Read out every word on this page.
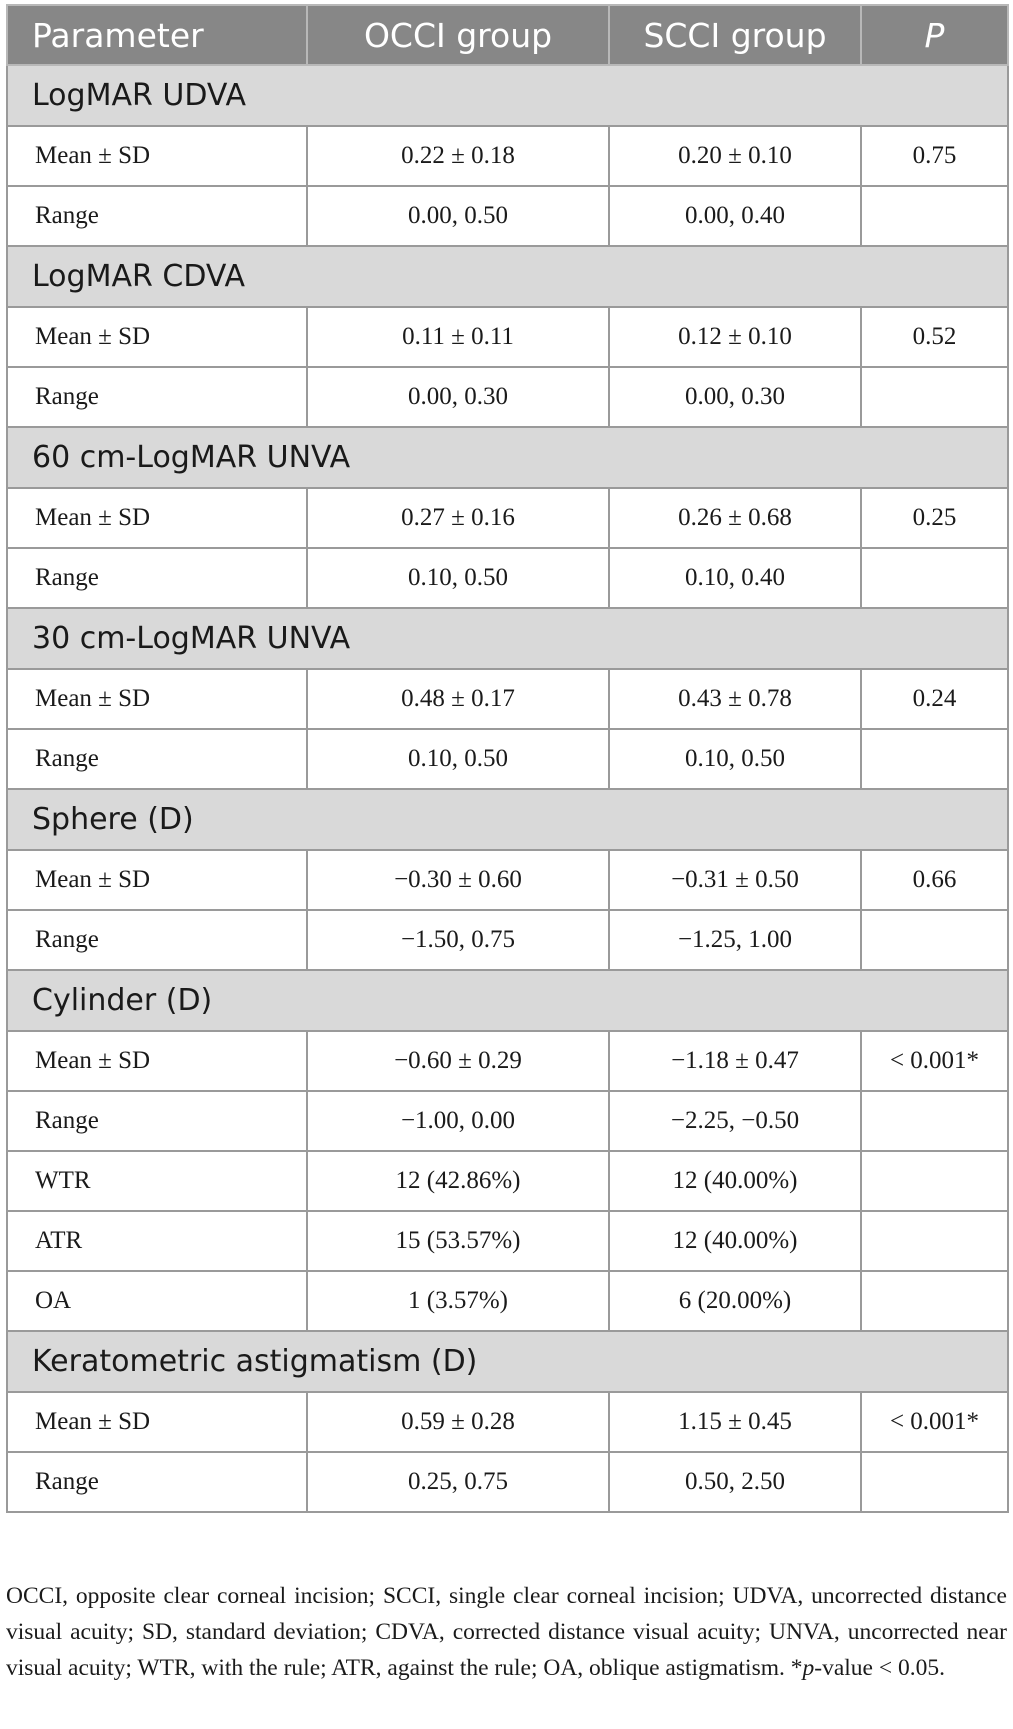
Parameter	OCCI group	SCCI group	P
LogMAR UDVA			
Mean ± SD	0.22 ± 0.18	0.20 ± 0.10	0.75
Range	0.00, 0.50	0.00, 0.40	
LogMAR CDVA			
Mean ± SD	0.11 ± 0.11	0.12 ± 0.10	0.52
Range	0.00, 0.30	0.00, 0.30	
60 cm-LogMAR UNVA			
Mean ± SD	0.27 ± 0.16	0.26 ± 0.68	0.25
Range	0.10, 0.50	0.10, 0.40	
30 cm-LogMAR UNVA			
Mean ± SD	0.48 ± 0.17	0.43 ± 0.78	0.24
Range	0.10, 0.50	0.10, 0.50	
Sphere (D)			
Mean ± SD	−0.30 ± 0.60	−0.31 ± 0.50	0.66
Range	−1.50, 0.75	−1.25, 1.00	
Cylinder (D)			
Mean ± SD	−0.60 ± 0.29	−1.18 ± 0.47	< 0.001*
Range	−1.00, 0.00	−2.25, −0.50	
WTR	12 (42.86%)	12 (40.00%)	
ATR	15 (53.57%)	12 (40.00%)	
OA	1 (3.57%)	6 (20.00%)	
Keratometric astigmatism (D)			
Mean ± SD	0.59 ± 0.28	1.15 ± 0.45	< 0.001*
Range	0.25, 0.75	0.50, 2.50	

OCCI, opposite clear corneal incision; SCCI, single clear corneal incision; UDVA, uncorrected distance visual acuity; SD, standard deviation; CDVA, corrected distance visual acuity; UNVA, uncorrected near visual acuity; WTR, with the rule; ATR, against the rule; OA, oblique astigmatism. *p-value < 0.05.
